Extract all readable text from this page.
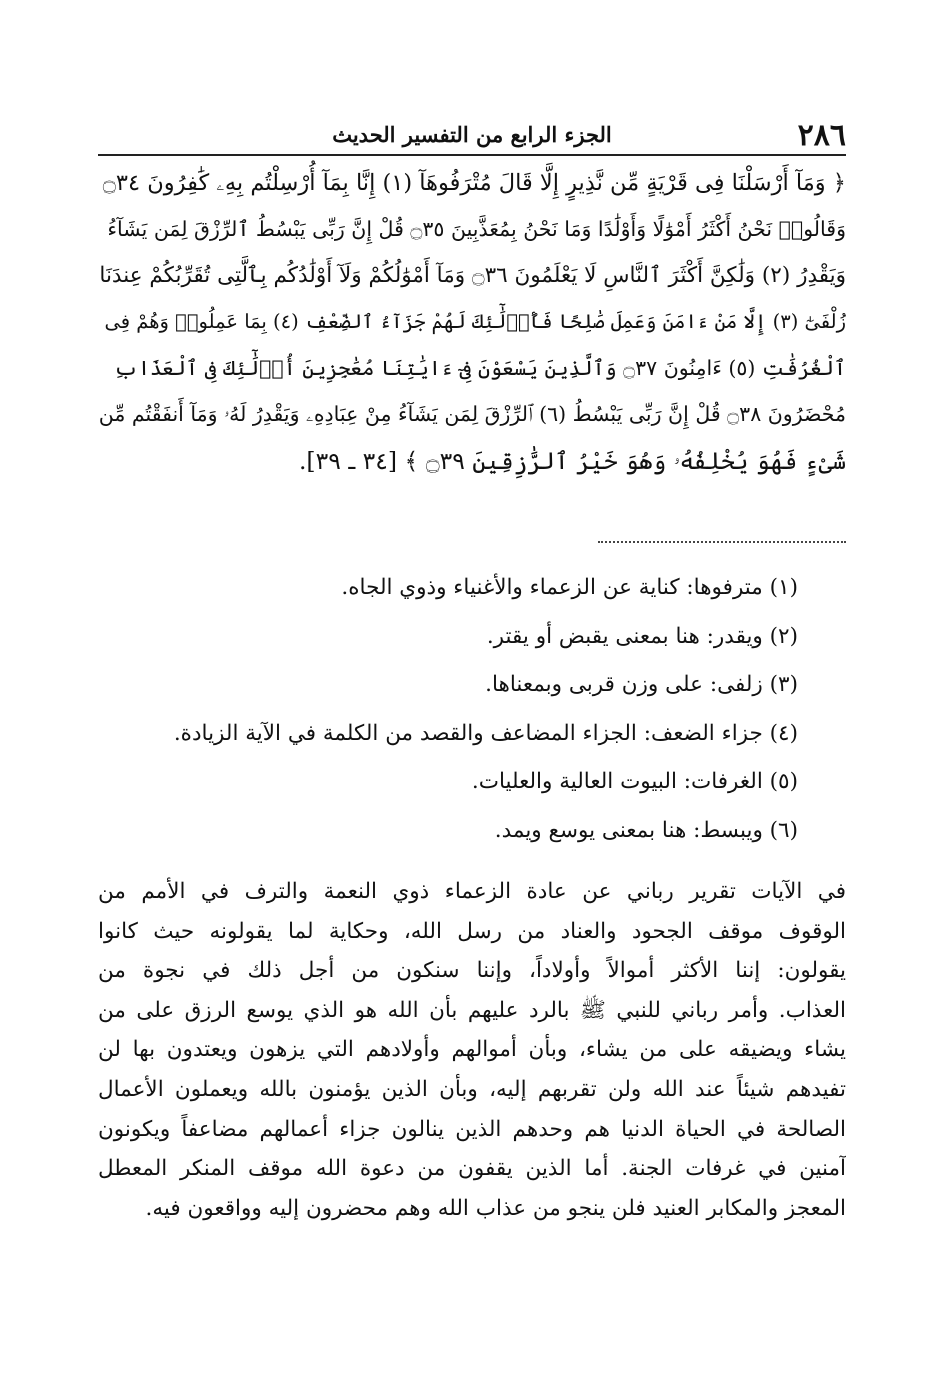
٢٨٦
الجزء الرابع من التفسير الحديث
﴿ وَمَآ أَرْسَلْنَا فِى قَرْيَةٍ مِّن نَّذِيرٍ إِلَّا قَالَ مُتْرَفُوهَآ (١) إِنَّا بِمَآ أُرْسِلْتُم بِهِۦ كَٰفِرُونَ ۝٣٤
وَقَالُوا۟ نَحْنُ أَكْثَرُ أَمْوَٰلًا وَأَوْلَٰدًا وَمَا نَحْنُ بِمُعَذَّبِينَ ۝٣٥ قُلْ إِنَّ رَبِّى يَبْسُطُ ٱلرِّزْقَ لِمَن يَشَآءُ
وَيَقْدِرُ (٢) وَلَٰكِنَّ أَكْثَرَ ٱلنَّاسِ لَا يَعْلَمُونَ ۝٣٦ وَمَآ أَمْوَٰلُكُمْ وَلَآ أَوْلَٰدُكُم بِٱلَّتِى تُقَرِّبُكُمْ عِندَنَا
زُلْفَىٰٓ (٣) إِلَّا مَنْ ءَامَنَ وَعَمِلَ صَٰلِحًا فَأُو۟لَٰٓئِكَ لَهُمْ جَزَآءُ ٱلضِّعْفِ (٤) بِمَا عَمِلُوا۟ وَهُمْ فِى
ٱلْغُرُفَٰتِ (٥) ءَامِنُونَ ۝٣٧ وَٱلَّذِينَ يَسْعَوْنَ فِىٓ ءَايَٰتِنَا مُعَٰجِزِينَ أُو۟لَٰٓئِكَ فِى ٱلْعَذَابِ
مُحْضَرُونَ ۝٣٨ قُلْ إِنَّ رَبِّى يَبْسُطُ (٦) ٱلرِّزْقَ لِمَن يَشَآءُ مِنْ عِبَادِهِۦ وَيَقْدِرُ لَهُۥ وَمَآ أَنفَقْتُم مِّن
شَىْءٍ فَهُوَ يُخْلِفُهُۥ وَهُوَ خَيْرُ ٱلرَّٰزِقِينَ ۝٣٩ ﴾ [٣٤ ـ ٣٩].
(١) مترفوها: كناية عن الزعماء والأغنياء وذوي الجاه.
(٢) ويقدر: هنا بمعنى يقبض أو يقتر.
(٣) زلفى: على وزن قربى وبمعناها.
(٤) جزاء الضعف: الجزاء المضاعف والقصد من الكلمة في الآية الزيادة.
(٥) الغرفات: البيوت العالية والعليات.
(٦) ويبسط: هنا بمعنى يوسع ويمد.
في الآيات تقرير رباني عن عادة الزعماء ذوي النعمة والترف في الأمم من
الوقوف موقف الجحود والعناد من رسل الله، وحكاية لما يقولونه حيث كانوا
يقولون: إننا الأكثر أموالاً وأولاداً، وإننا سنكون من أجل ذلك في نجوة من
العذاب. وأمر رباني للنبي ﷺ بالرد عليهم بأن الله هو الذي يوسع الرزق على من
يشاء ويضيقه على من يشاء، وبأن أموالهم وأولادهم التي يزهون ويعتدون بها لن
تفيدهم شيئاً عند الله ولن تقربهم إليه، وبأن الذين يؤمنون بالله ويعملون الأعمال
الصالحة في الحياة الدنيا هم وحدهم الذين ينالون جزاء أعمالهم مضاعفاً ويكونون
آمنين في غرفات الجنة. أما الذين يقفون من دعوة الله موقف المنكر المعطل
المعجز والمكابر العنيد فلن ينجو من عذاب الله وهم محضرون إليه وواقعون فيه.
